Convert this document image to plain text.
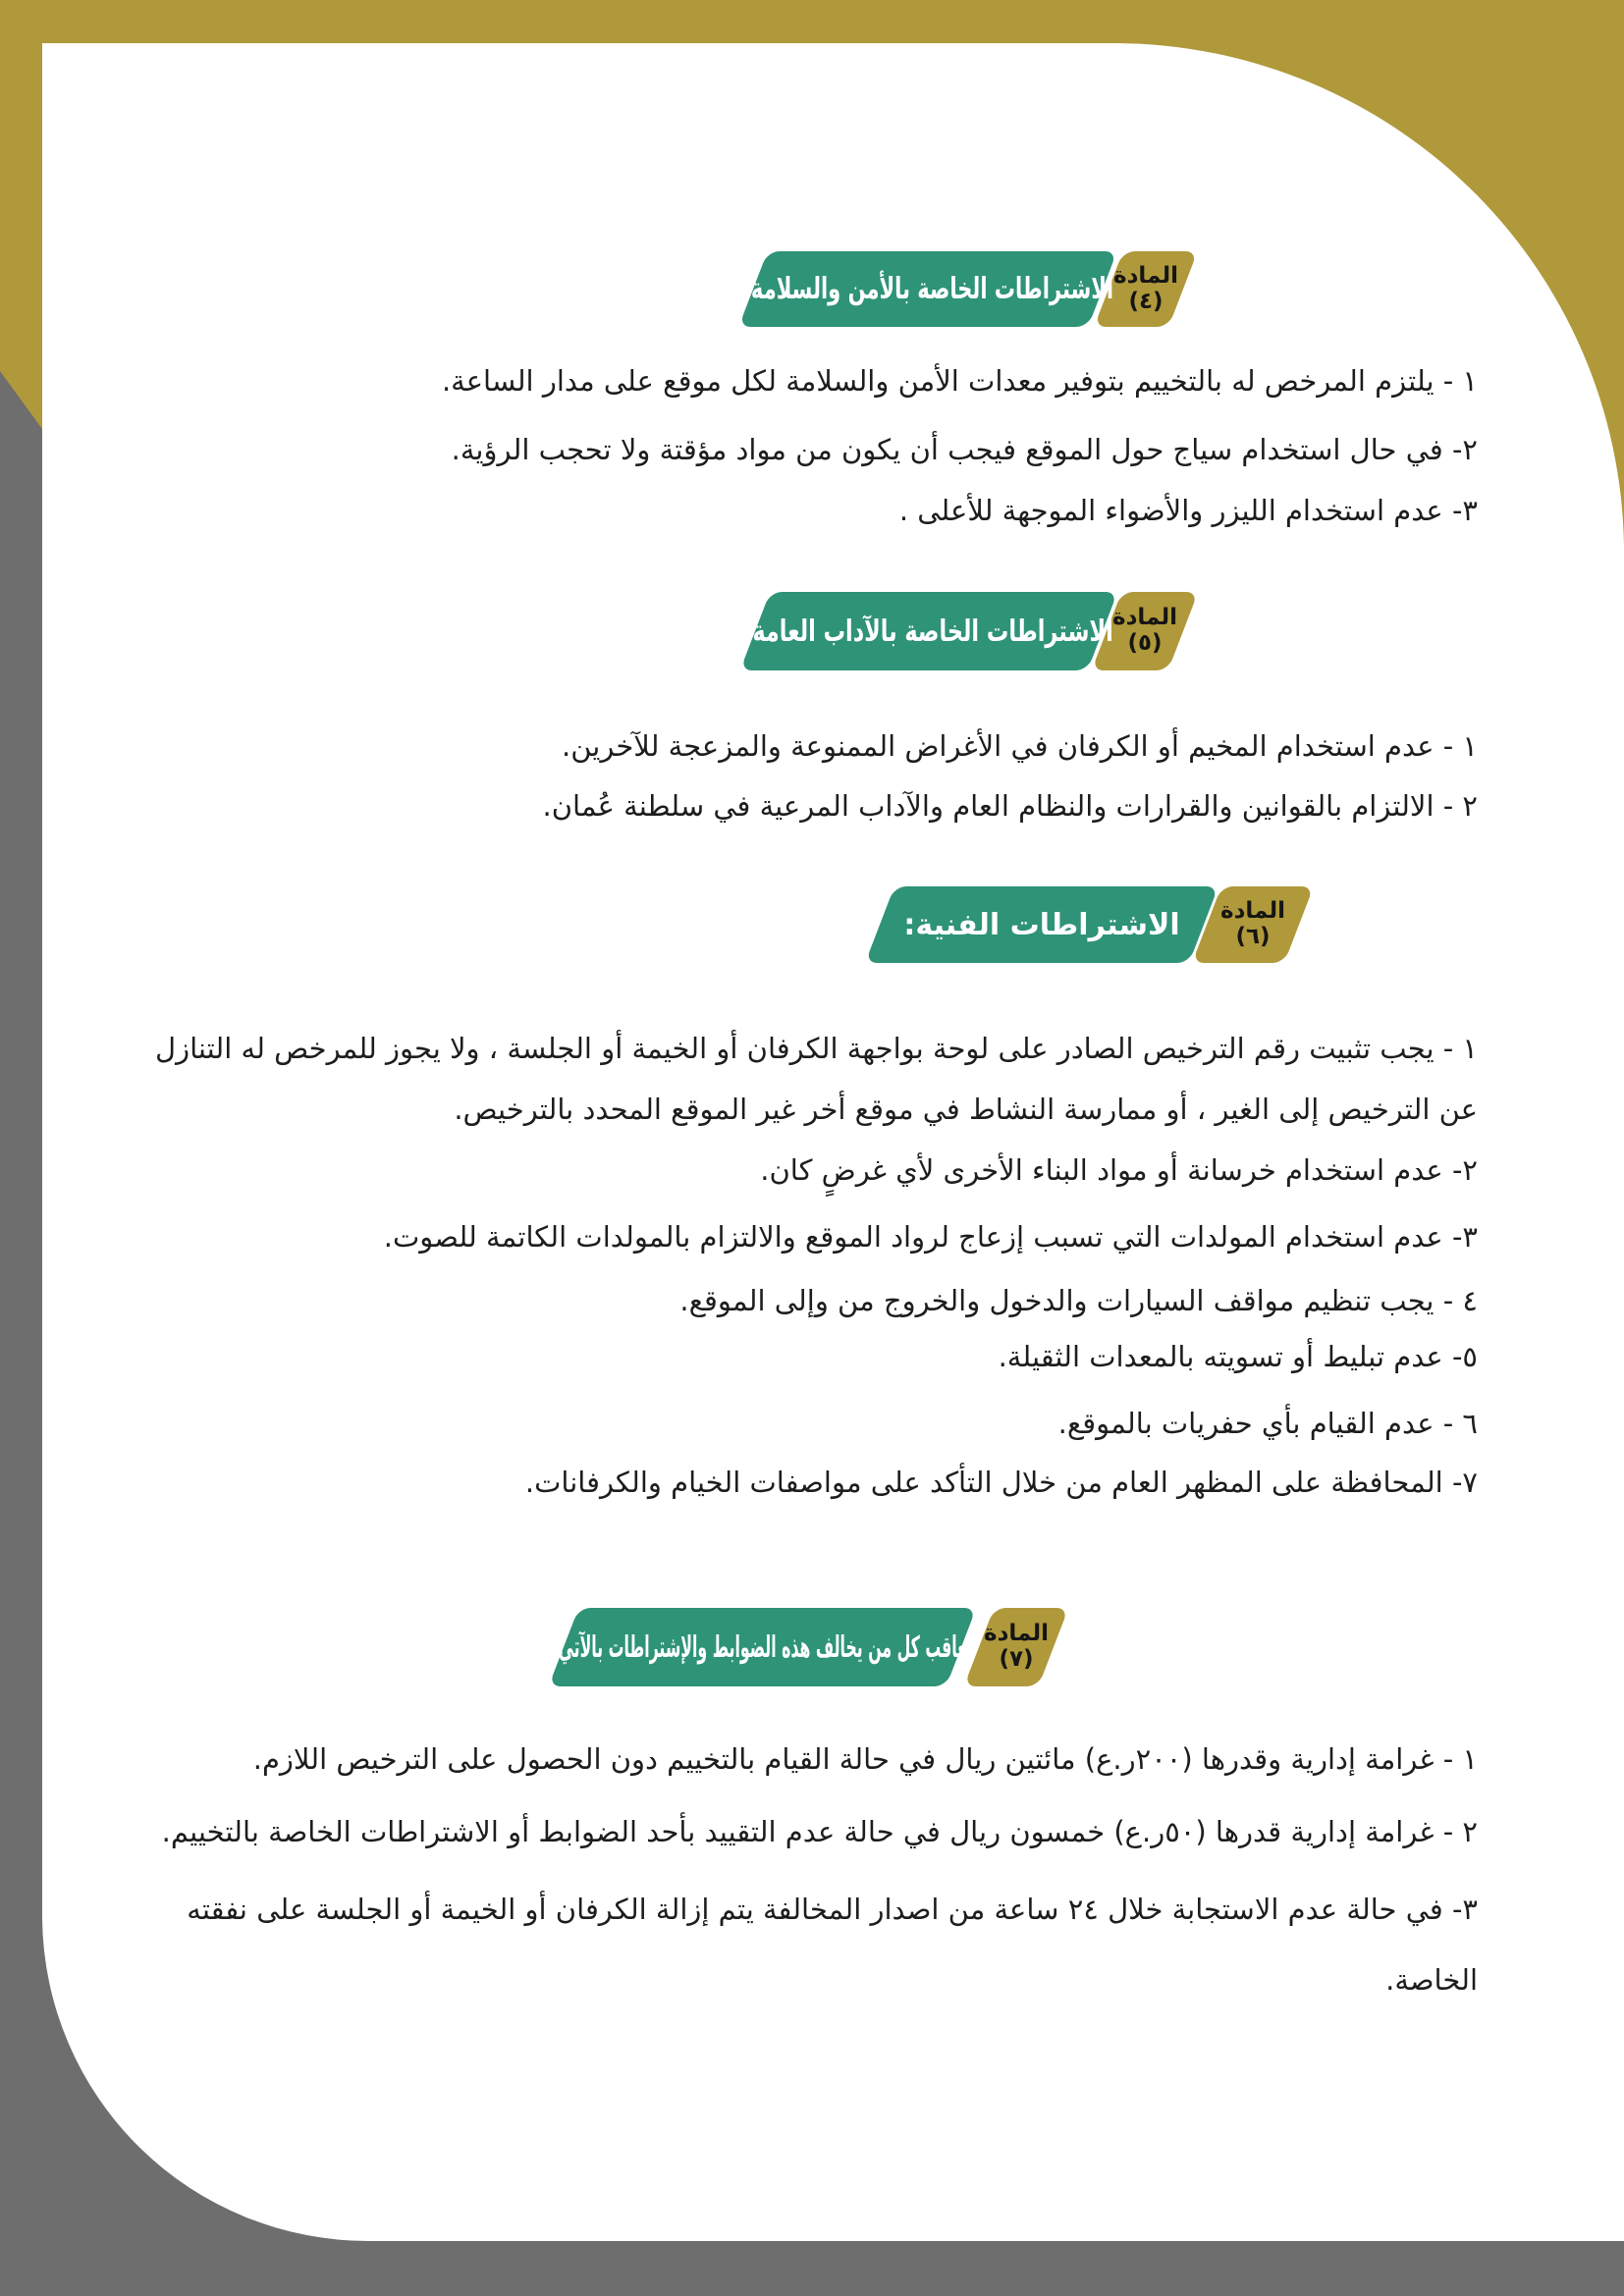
الاشتراطات الخاصة بالأمن والسلامة: المادة
(٤)
١ - يلتزم المرخص له بالتخييم بتوفير معدات الأمن والسلامة لكل موقع على مدار الساعة.
٢- في حال استخدام سياج حول الموقع فيجب أن يكون من مواد مؤقتة ولا تحجب الرؤية.
٣- عدم استخدام الليزر والأضواء الموجهة للأعلى .
الاشتراطات الخاصة بالآداب العامة:
المادة
(٥)
١ - عدم استخدام المخيم أو الكرفان في الأغراض الممنوعة والمزعجة للآخرين.
٢ - الالتزام بالقوانين والقرارات والنظام العام والآداب المرعية في سلطنة عُمان.
الاشتراطات الفنية: المادة
(٦)
١ - يجب تثبيت رقم الترخيص الصادر على لوحة بواجهة الكرفان أو الخيمة أو الجلسة ، ولا يجوز للمرخص له التنازل
عن الترخيص إلى الغير ، أو ممارسة النشاط في موقع أخر غير الموقع المحدد بالترخيص.
٢- عدم استخدام خرسانة أو مواد البناء الأخرى لأي غرضٍ كان.
٣- عدم استخدام المولدات التي تسبب إزعاج لرواد الموقع والالتزام بالمولدات الكاتمة للصوت.
٤ - يجب تنظيم مواقف السيارات والدخول والخروج من وإلى الموقع.
٥- عدم تبليط أو تسويته بالمعدات الثقيلة.
٦ - عدم القيام بأي حفريات بالموقع.
٧- المحافظة على المظهر العام من خلال التأكد على مواصفات الخيام والكرفانات.
يُعاقب كل من يخالف هذه الضوابط والإشتراطات بالآتي: المادة
(٧)
١ - غرامة إدارية وقدرها (٢٠٠ر.ع) مائتين ريال في حالة القيام بالتخييم دون الحصول على الترخيص اللازم.
٢ - غرامة إدارية قدرها (٥٠ر.ع) خمسون ريال في حالة عدم التقييد بأحد الضوابط أو الاشتراطات الخاصة بالتخييم.
٣- في حالة عدم الاستجابة خلال ٢٤ ساعة من اصدار المخالفة يتم إزالة الكرفان أو الخيمة أو الجلسة على نفقته
الخاصة.
